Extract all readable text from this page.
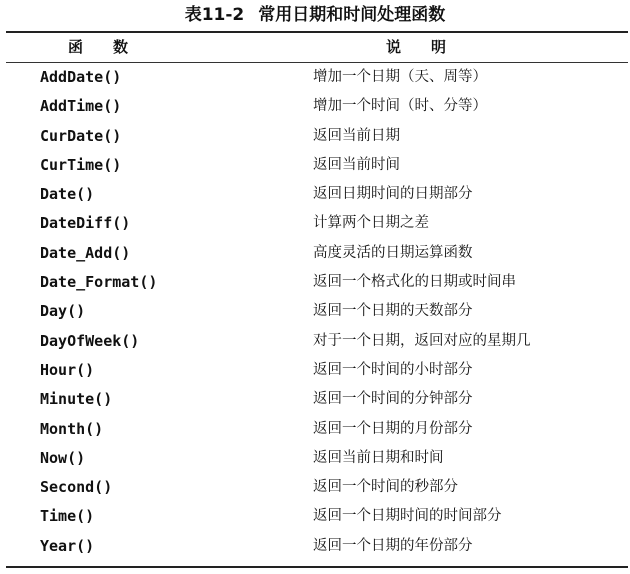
表11-2 常用日期和时间处理函数
函数	说明
AddDate()	增加一个日期（天、周等）
AddTime()	增加一个时间（时、分等）
CurDate()	返回当前日期
CurTime()	返回当前时间
Date()	返回日期时间的日期部分
DateDiff()	计算两个日期之差
Date_Add()	高度灵活的日期运算函数
Date_Format()	返回一个格式化的日期或时间串
Day()	返回一个日期的天数部分
DayOfWeek()	对于一个日期，返回对应的星期几
Hour()	返回一个时间的小时部分
Minute()	返回一个时间的分钟部分
Month()	返回一个日期的月份部分
Now()	返回当前日期和时间
Second()	返回一个时间的秒部分
Time()	返回一个日期时间的时间部分
Year()	返回一个日期的年份部分
